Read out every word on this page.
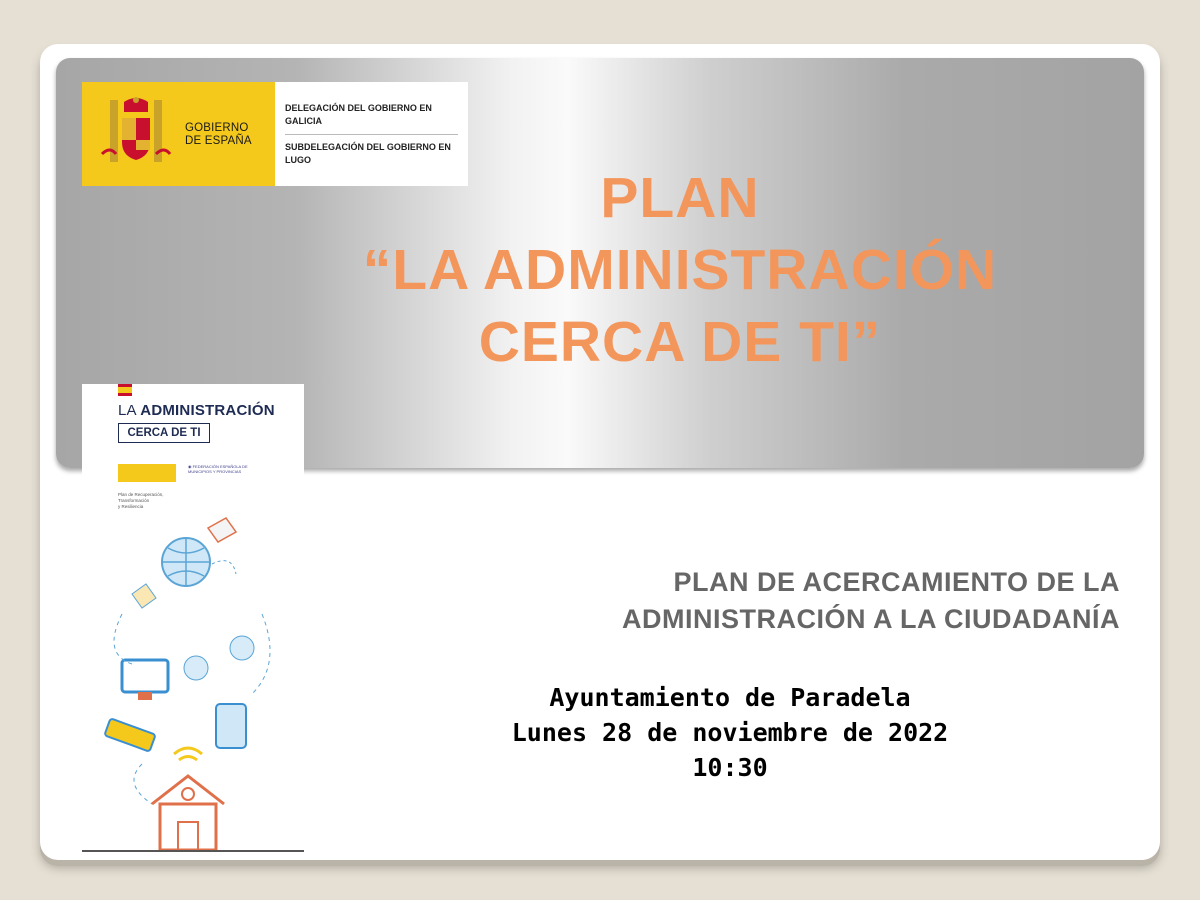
GOBIERNO
DE ESPAÑA
DELEGACIÓN DEL GOBIERNO EN GALICIA
SUBDELEGACIÓN DEL GOBIERNO EN LUGO
PLAN
“LA ADMINISTRACIÓN
CERCA DE TI”
LA ADMINISTRACIÓN
CERCA DE TI
◉ FEDERACIÓN ESPAÑOLA DE
MUNICIPIOS Y PROVINCIAS
Plan de Recuperación,
Transformación
y Resiliencia
PLAN DE ACERCAMIENTO DE LA
ADMINISTRACIÓN A LA CIUDADANÍA
Ayuntamiento de Paradela
Lunes 28 de noviembre de 2022
10:30
